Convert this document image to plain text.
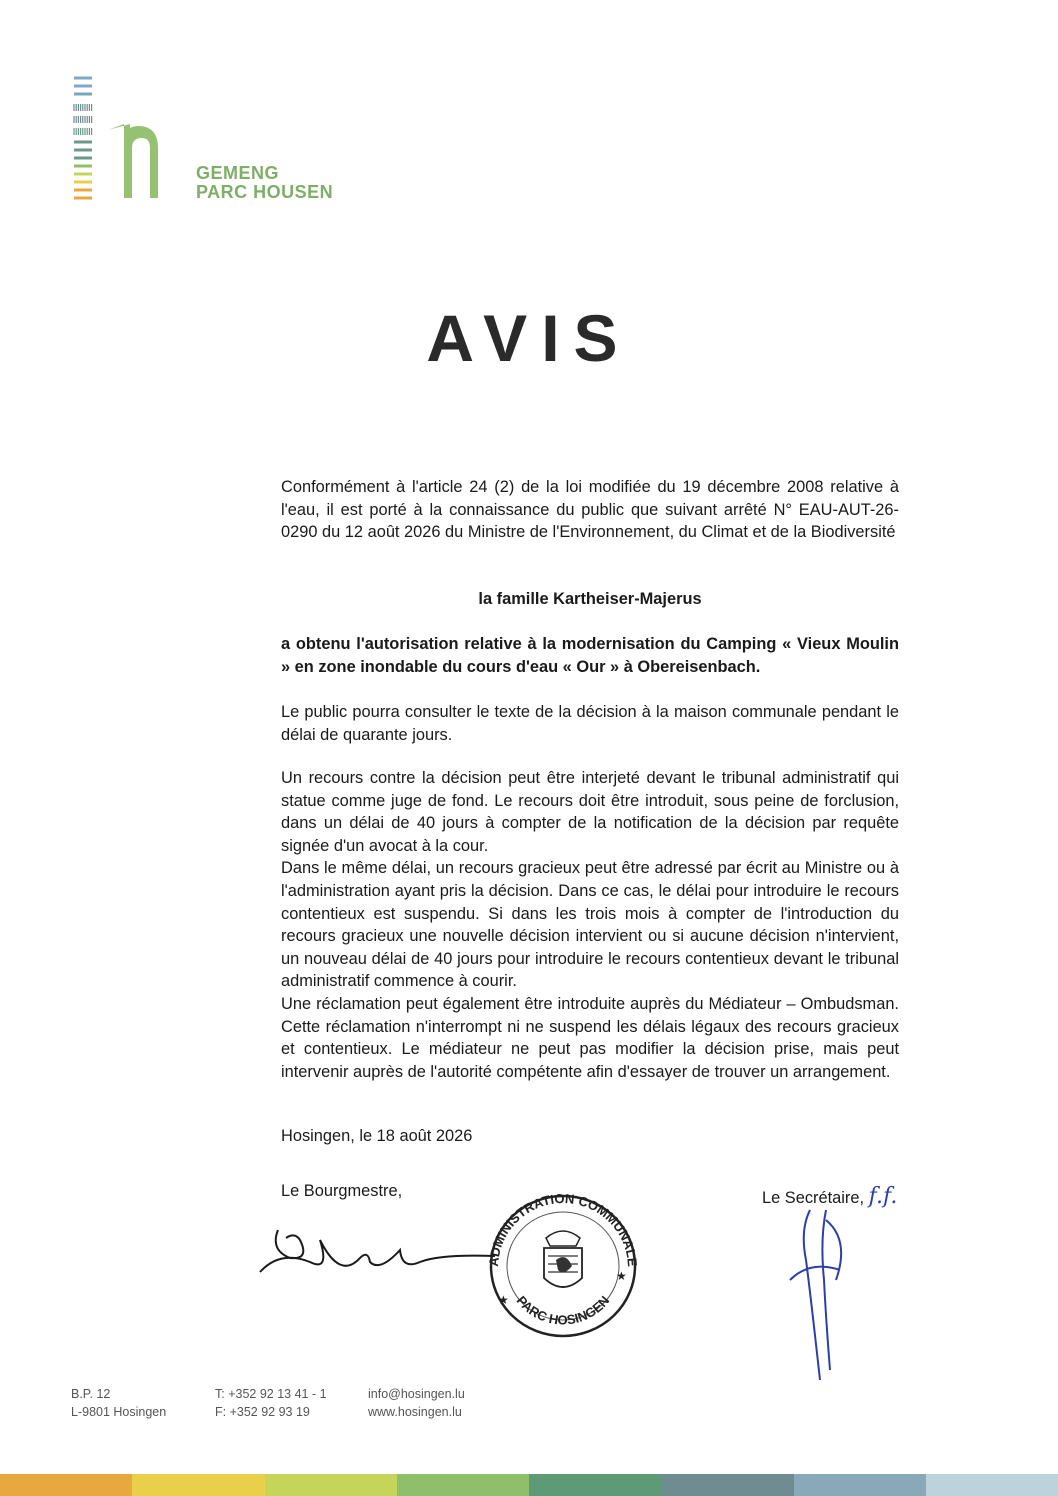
GEMENG
PARC HOUSEN
AVIS

Conformément à l'article 24 (2) de la loi modifiée du 19 décembre 2008 relative à l'eau, il est porté à la connaissance du public que suivant arrêté N° EAU-AUT-26-0290 du 12 août 2026 du Ministre de l'Environnement, du Climat et de la Biodiversité

la famille Kartheiser-Majerus

a obtenu l'autorisation relative à la modernisation du Camping « Vieux Moulin » en zone inondable du cours d'eau « Our » à Obereisenbach.

Le public pourra consulter le texte de la décision à la maison communale pendant le délai de quarante jours.

Un recours contre la décision peut être interjeté devant le tribunal administratif qui statue comme juge de fond. Le recours doit être introduit, sous peine de forclusion, dans un délai de 40 jours à compter de la notification de la décision par requête signée d'un avocat à la cour.

Dans le même délai, un recours gracieux peut être adressé par écrit au Ministre ou à l'administration ayant pris la décision. Dans ce cas, le délai pour introduire le recours contentieux est suspendu. Si dans les trois mois à compter de l'introduction du recours gracieux une nouvelle décision intervient ou si aucune décision n'intervient, un nouveau délai de 40 jours pour introduire le recours contentieux devant le tribunal administratif commence à courir.

Une réclamation peut également être introduite auprès du Médiateur – Ombudsman. Cette réclamation n'interrompt ni ne suspend les délais légaux des recours gracieux et contentieux. Le médiateur ne peut pas modifier la décision prise, mais peut intervenir auprès de l'autorité compétente afin d'essayer de trouver un arrangement.

Hosingen, le 18 août 2026

Le Bourgmestre,	Le Secrétaire, f.f.
ADMINISTRATION COMMUNALE
PARC HOSINGEN
★
★
B.P. 12
L-9801 Hosingen
T: +352 92 13 41 - 1
F: +352 92 93 19
info@hosingen.lu
www.hosingen.lu
